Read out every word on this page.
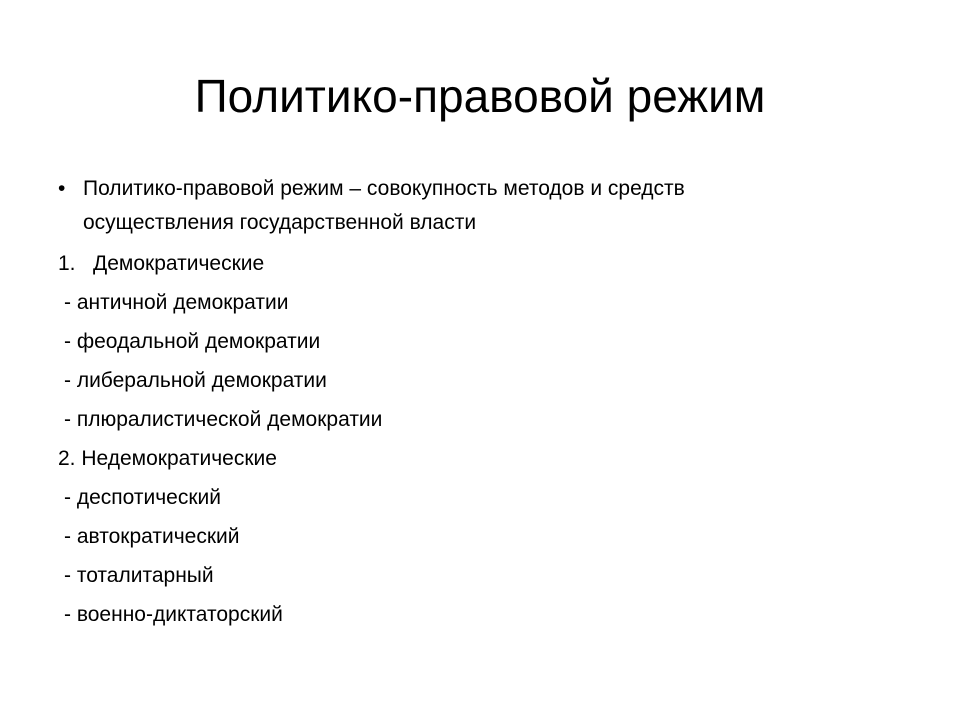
Политико-правовой режим
• Политико-правовой режим – совокупность методов и средств
осуществления государственной власти
1. Демократические
- античной демократии
- феодальной демократии
- либеральной демократии
- плюралистической демократии
2. Недемократические
- деспотический
- автократический
- тоталитарный
- военно-диктаторский
